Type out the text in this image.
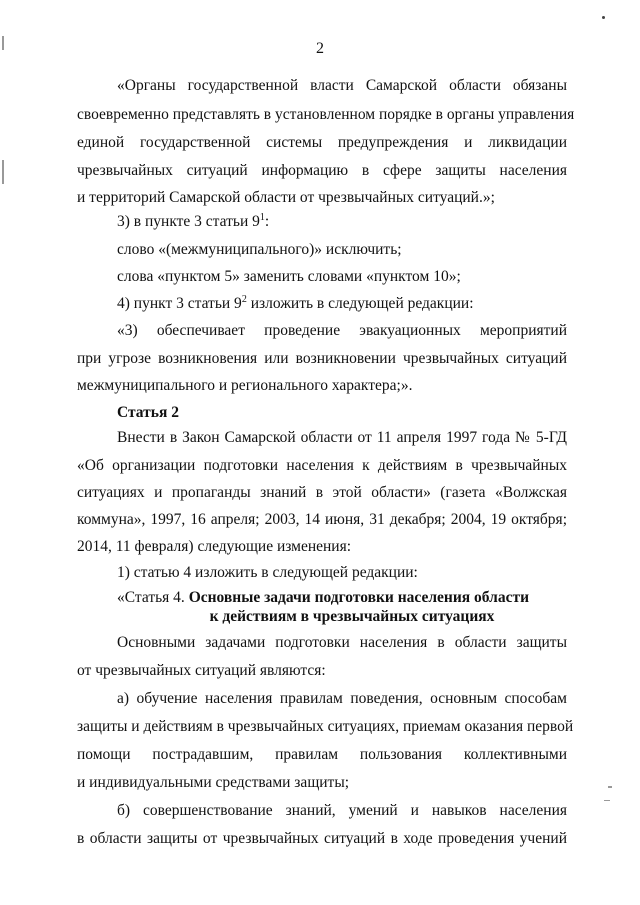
2
«Органы государственной власти Самарской области обязаны
своевременно представлять в установленном порядке в органы управления
единой государственной системы предупреждения и ликвидации
чрезвычайных ситуаций информацию в сфере защиты населения
и территорий Самарской области от чрезвычайных ситуаций.»;
3) в пункте 3 статьи $9^1$:
слово «(межмуниципального)» исключить;
слова «пунктом 5» заменить словами «пунктом 10»;
4) пункт 3 статьи $9^2$ изложить в следующей редакции:
«3) обеспечивает проведение эвакуационных мероприятий
при угрозе возникновения или возникновении чрезвычайных ситуаций
межмуниципального и регионального характера;».
Статья 2
Внести в Закон Самарской области от 11 апреля 1997 года № 5-ГД
«Об организации подготовки населения к действиям в чрезвычайных
ситуациях и пропаганды знаний в этой области» (газета «Волжская
коммуна», 1997, 16 апреля; 2003, 14 июня, 31 декабря; 2004, 19 октября;
2014, 11 февраля) следующие изменения:
1) статью 4 изложить в следующей редакции:
«Статья 4. Основные задачи подготовки населения области
к действиям в чрезвычайных ситуациях
Основными задачами подготовки населения в области защиты
от чрезвычайных ситуаций являются:
а) обучение населения правилам поведения, основным способам
защиты и действиям в чрезвычайных ситуациях, приемам оказания первой
помощи пострадавшим, правилам пользования коллективными
и индивидуальными средствами защиты;
б) совершенствование знаний, умений и навыков населения
в области защиты от чрезвычайных ситуаций в ходе проведения учений
